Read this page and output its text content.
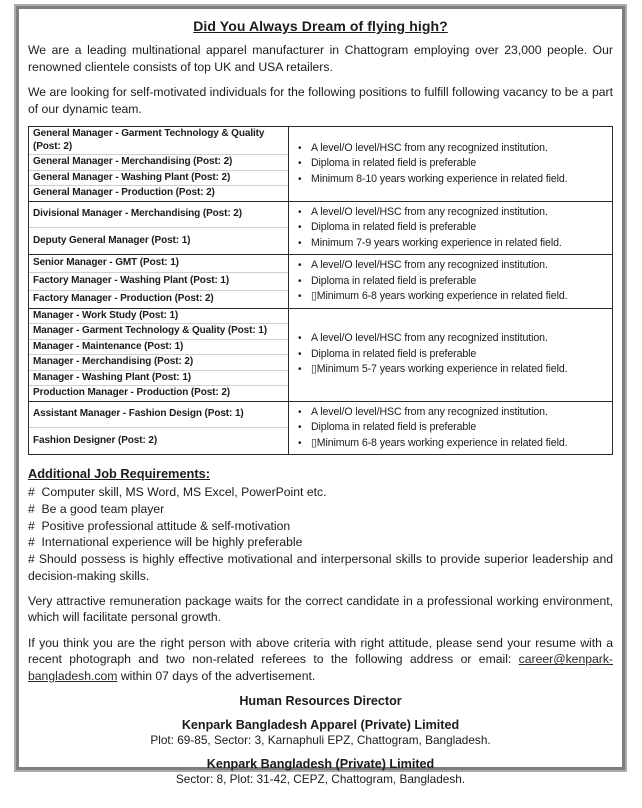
Did You Always Dream of flying high?

We are a leading multinational apparel manufacturer in Chattogram employing over 23,000 people. Our renowned clientele consists of top UK and USA retailers.

We are looking for self-motivated individuals for the following positions to fulfill following vacancy to be a part of our dynamic team.

General Manager - Garment Technology & Quality (Post: 2)
General Manager - Merchandising (Post: 2)
General Manager - Washing Plant (Post: 2)
General Manager - Production (Post: 2)
• A level/O level/HSC from any recognized institution.
• Diploma in related field is preferable
• Minimum 8-10 years working experience in related field.
Divisional Manager - Merchandising (Post: 2)
Deputy General Manager (Post: 1)
• A level/O level/HSC from any recognized institution.
• Diploma in related field is preferable
• Minimum 7-9 years working experience in related field.
Senior Manager - GMT (Post: 1)
Factory Manager - Washing Plant (Post: 1)
Factory Manager - Production (Post: 2)
• A level/O level/HSC from any recognized institution.
• Diploma in related field is preferable
• ▯Minimum 6-8 years working experience in related field.
Manager - Work Study (Post: 1)
Manager - Garment Technology & Quality (Post: 1)
Manager - Maintenance (Post: 1)
Manager - Merchandising (Post: 2)
Manager - Washing Plant (Post: 1)
Production Manager - Production (Post: 2)
• A level/O level/HSC from any recognized institution.
• Diploma in related field is preferable
• ▯Minimum 5-7 years working experience in related field.
Assistant Manager - Fashion Design (Post: 1)
Fashion Designer (Post: 2)
• A level/O level/HSC from any recognized institution.
• Diploma in related field is preferable
• ▯Minimum 6-8 years working experience in related field.
Additional Job Requirements:
#  Computer skill, MS Word, MS Excel, PowerPoint etc.
#  Be a good team player
#  Positive professional attitude & self-motivation
#  International experience will be highly preferable
# Should possess is highly effective motivational and interpersonal skills to provide superior leadership and decision-making skills.

Very attractive remuneration package waits for the correct candidate in a professional working environment, which will facilitate personal growth.

If you think you are the right person with above criteria with right attitude, please send your resume with a recent photograph and two non-related referees to the following address or email: career@kenpark-bangladesh.com within 07 days of the advertisement.

Human Resources Director
Kenpark Bangladesh Apparel (Private) Limited
Plot: 69-85, Sector: 3, Karnaphuli EPZ, Chattogram, Bangladesh.
Kenpark Bangladesh (Private) Limited
Sector: 8, Plot: 31-42, CEPZ, Chattogram, Bangladesh.
